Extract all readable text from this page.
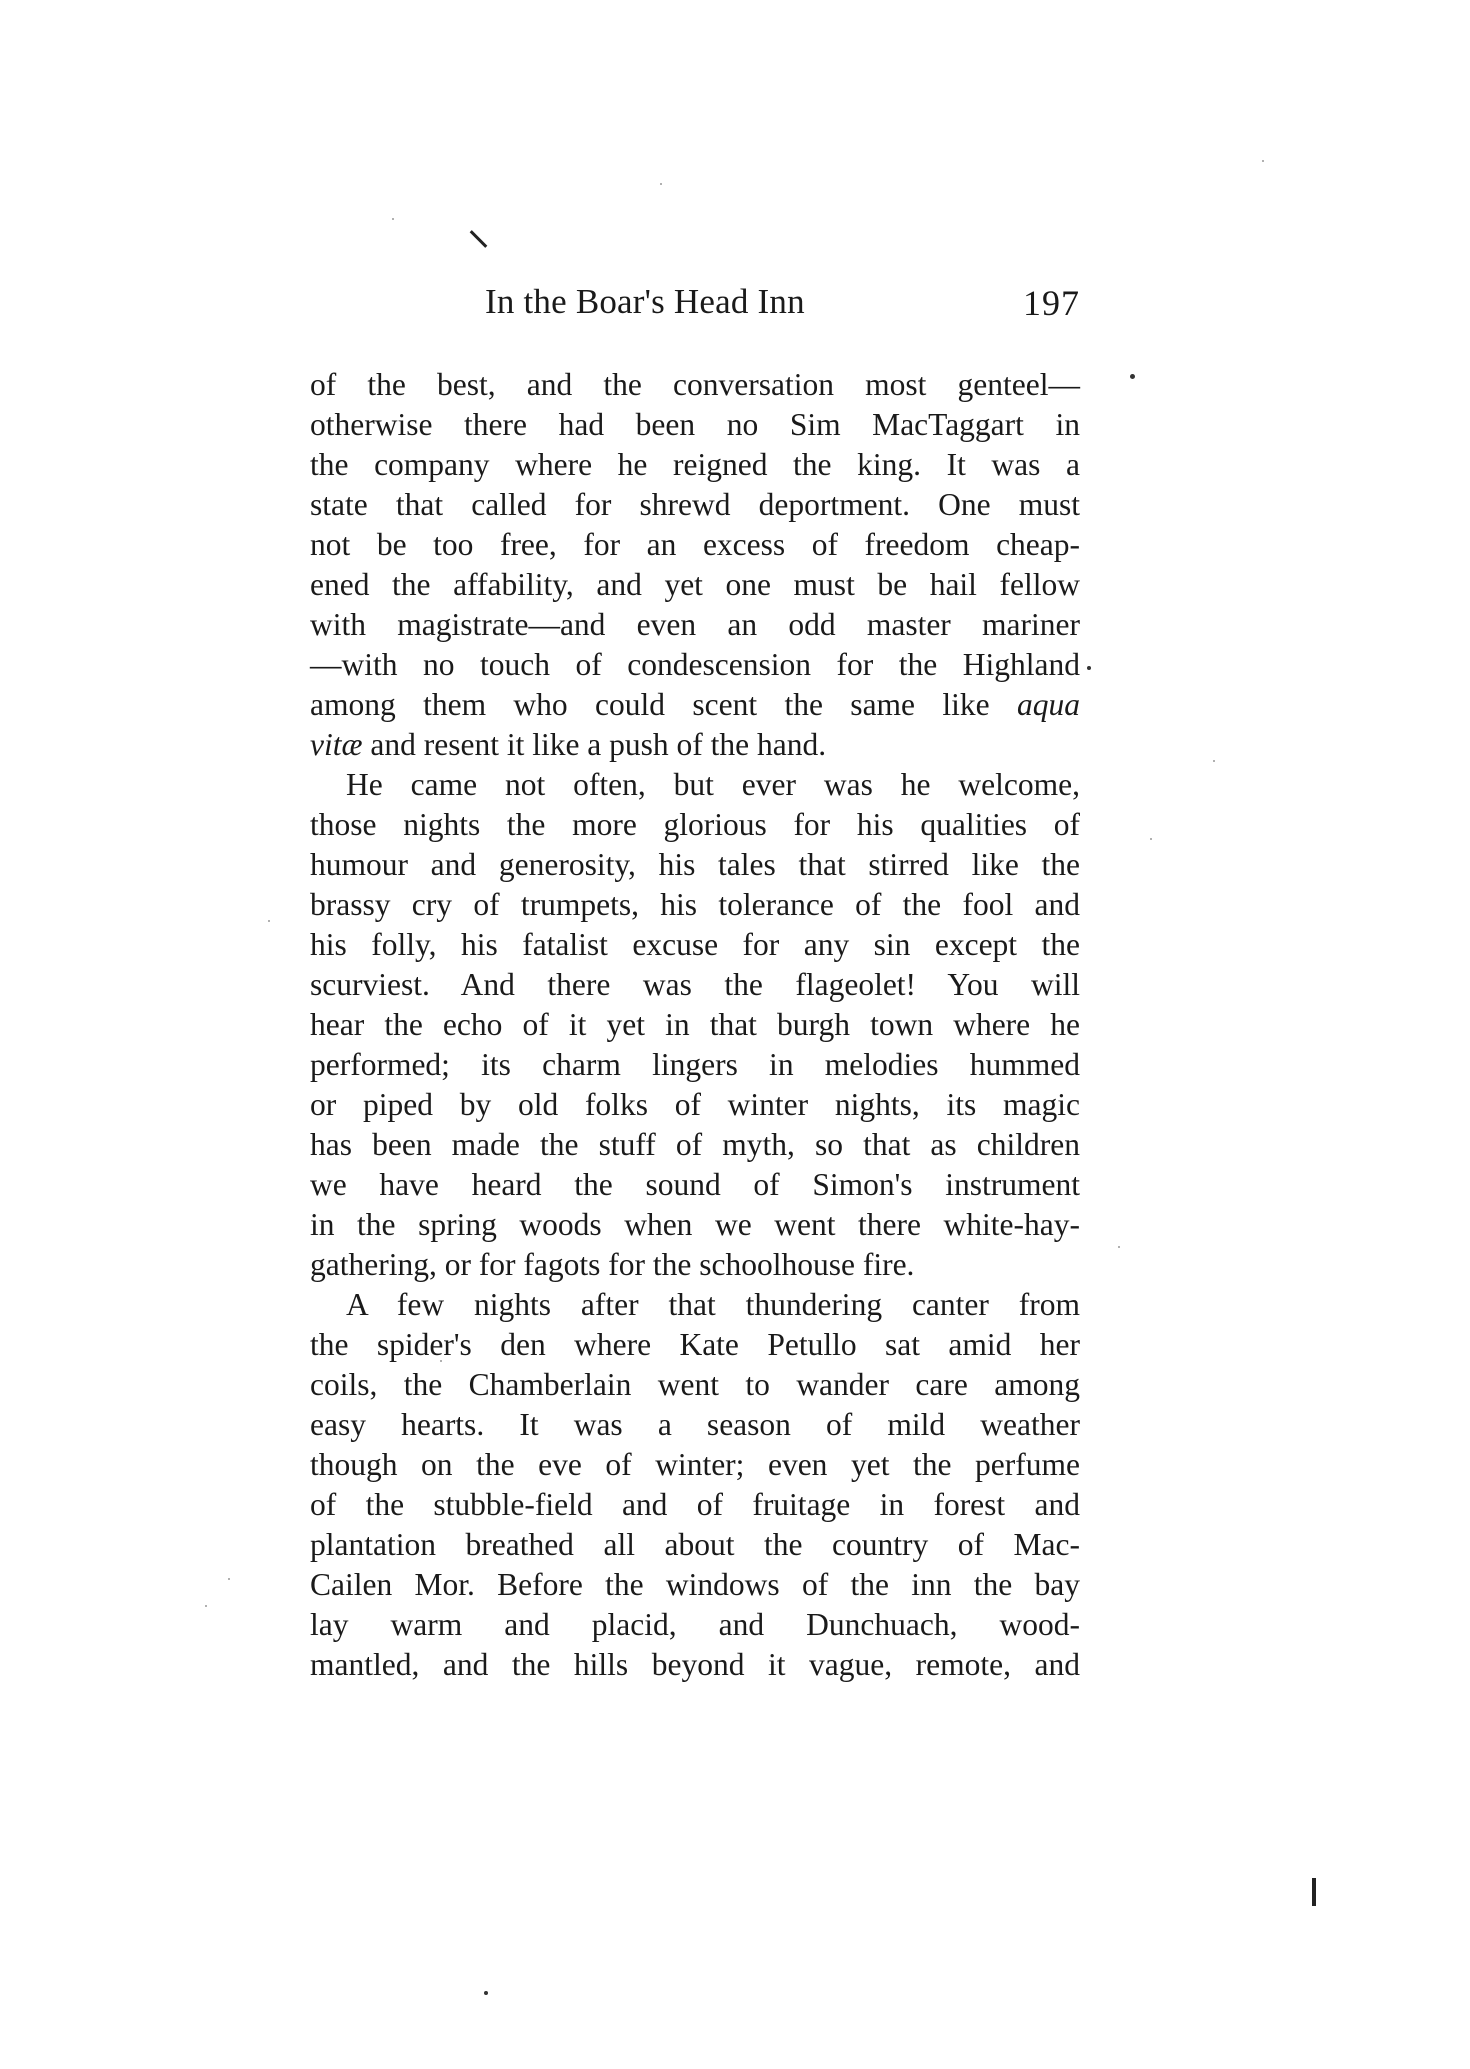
In the Boar's Head Inn	197

of the best, and the conversation most genteel—
otherwise there had been no Sim MacTaggart in
the company where he reigned the king. It was a
state that called for shrewd deportment. One must
not be too free, for an excess of freedom cheap-
ened the affability, and yet one must be hail fellow
with magistrate—and even an odd master mariner
—with no touch of condescension for the Highland
among them who could scent the same like aqua
vitæ and resent it like a push of the hand.

He came not often, but ever was he welcome,
those nights the more glorious for his qualities of
humour and generosity, his tales that stirred like the
brassy cry of trumpets, his tolerance of the fool and
his folly, his fatalist excuse for any sin except the
scurviest. And there was the flageolet! You will
hear the echo of it yet in that burgh town where he
performed; its charm lingers in melodies hummed
or piped by old folks of winter nights, its magic
has been made the stuff of myth, so that as children
we have heard the sound of Simon's instrument
in the spring woods when we went there white-hay-
gathering, or for fagots for the schoolhouse fire.

A few nights after that thundering canter from
the spider's den where Kate Petullo sat amid her
coils, the Chamberlain went to wander care among
easy hearts. It was a season of mild weather
though on the eve of winter; even yet the perfume
of the stubble-field and of fruitage in forest and
plantation breathed all about the country of Mac-
Cailen Mor. Before the windows of the inn the bay
lay warm and placid, and Dunchuach, wood-
mantled, and the hills beyond it vague, remote, and
